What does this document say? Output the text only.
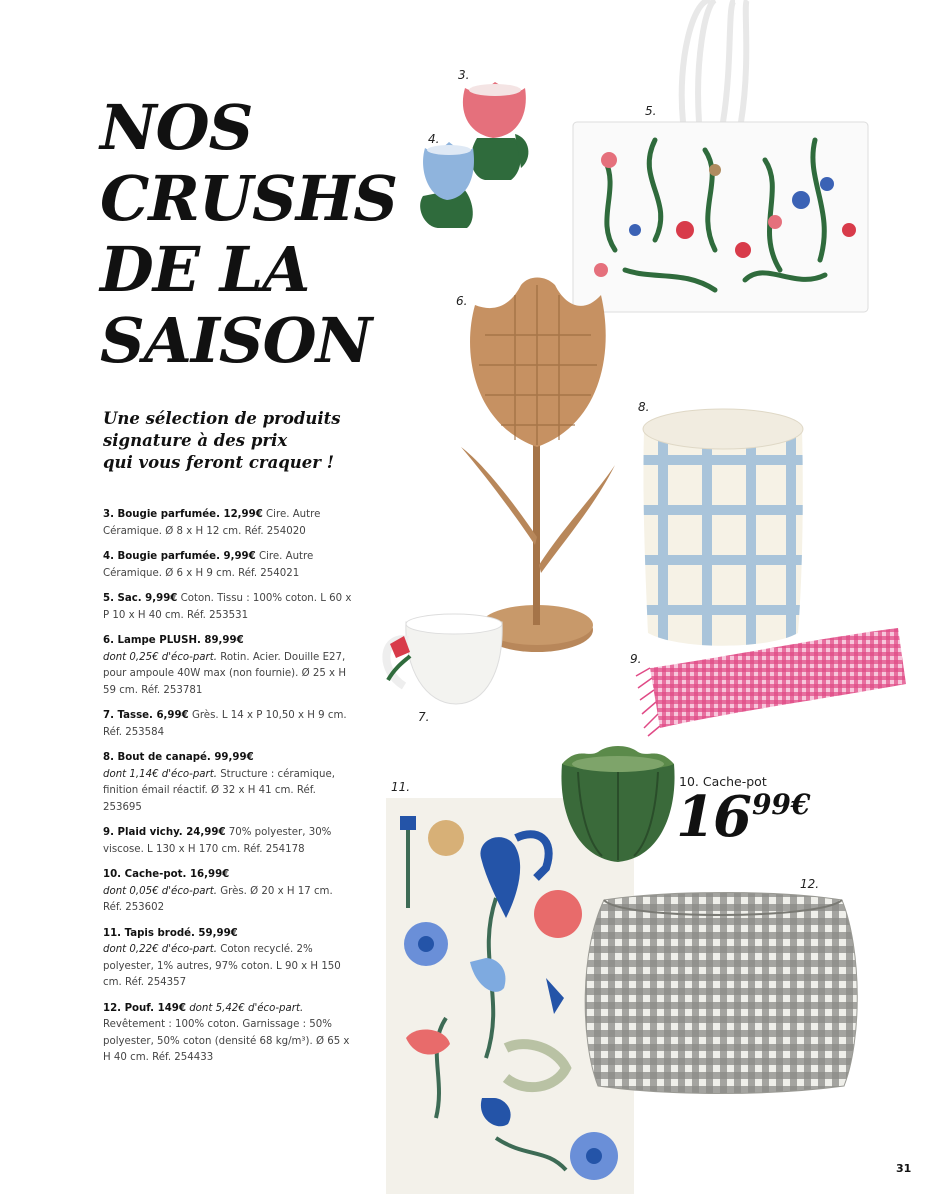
NOS
CRUSHS
DE LA
SAISON
Une sélection de produits
signature à des prix
qui vous feront craquer !

3. Bougie parfumée. 12,99€ Cire. Autre Céramique. Ø 8 x H 12 cm. Réf. 254020

4. Bougie parfumée. 9,99€ Cire. Autre Céramique. Ø 6 x H 9 cm. Réf. 254021

5. Sac. 9,99€ Coton. Tissu : 100% coton. L 60 x P 10 x H 40 cm. Réf. 253531

6. Lampe PLUSH. 89,99€
dont 0,25€ d'éco-part. Rotin. Acier. Douille E27, pour ampoule 40W max (non fournie). Ø 25 x H 59 cm. Réf. 253781

7. Tasse. 6,99€ Grès. L 14 x P 10,50 x H 9 cm. Réf. 253584

8. Bout de canapé. 99,99€
dont 1,14€ d'éco-part. Structure : céramique, finition émail réactif. Ø 32 x H 41 cm. Réf. 253695

9. Plaid vichy. 24,99€ 70% polyester, 30% viscose. L 130 x H 170 cm. Réf. 254178

10. Cache-pot. 16,99€
dont 0,05€ d'éco-part. Grès. Ø 20 x H 17 cm. Réf. 253602

11. Tapis brodé. 59,99€
dont 0,22€ d'éco-part. Coton recyclé. 2% polyester, 1% autres, 97% coton. L 90 x H 150 cm. Réf. 254357

12. Pouf. 149€ dont 5,42€ d'éco-part. Revêtement : 100% coton. Garnissage : 50% polyester, 50% coton (densité 68 kg/m³). Ø 65 x H 40 cm. Réf. 254433

3.
4.
5.
6.
7.
8.
9.
11.
12.
10. Cache-pot
1699€
31
